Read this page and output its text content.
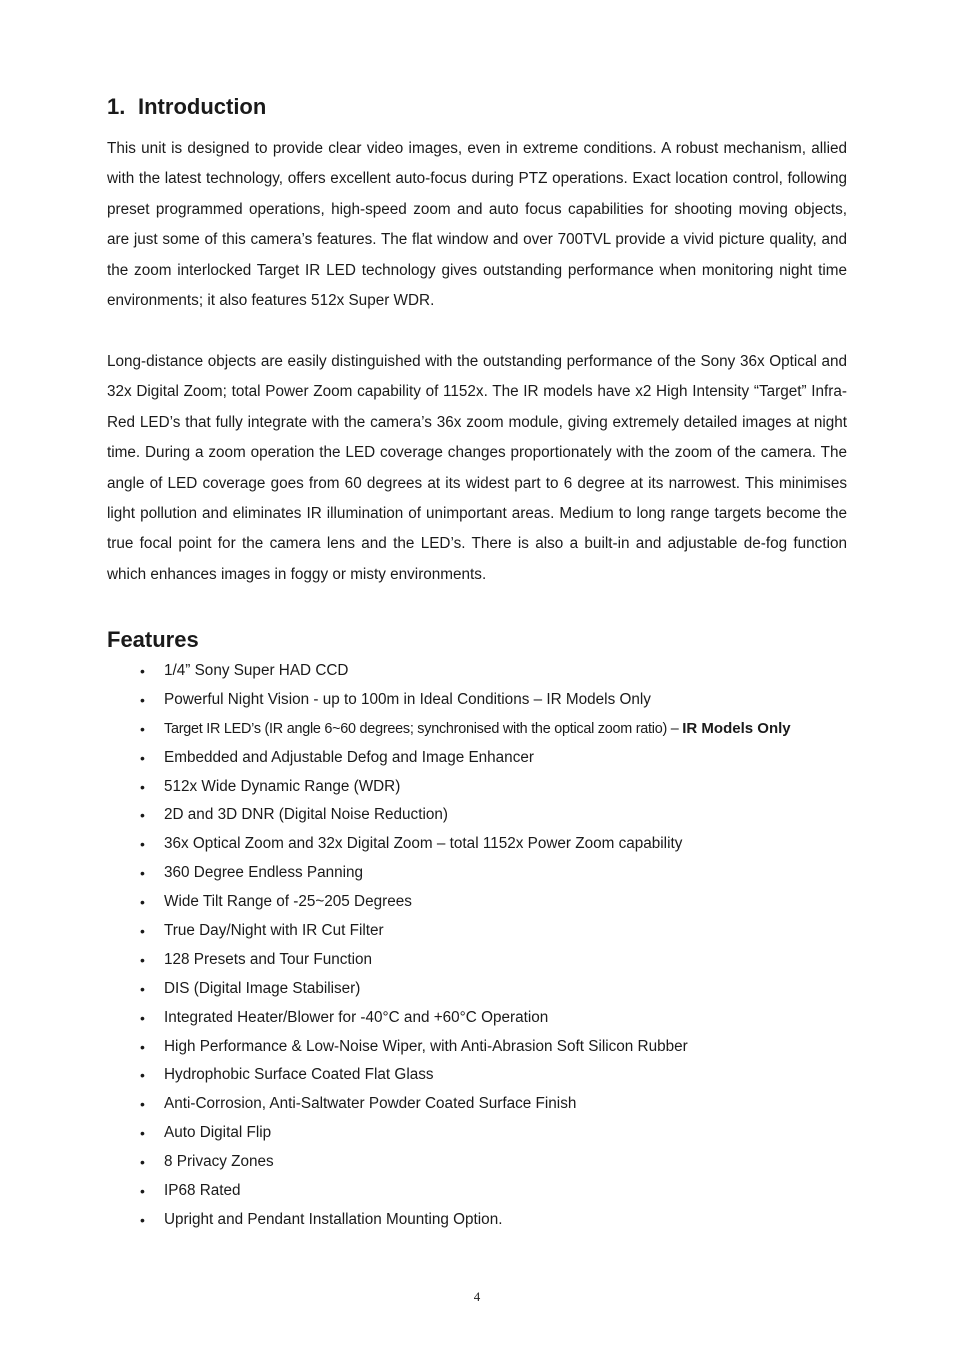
1. Introduction

This unit is designed to provide clear video images, even in extreme conditions. A robust mechanism, allied with the latest technology, offers excellent auto-focus during PTZ operations. Exact location control, following preset programmed operations, high-speed zoom and auto focus capabilities for shooting moving objects, are just some of this camera’s features. The flat window and over 700TVL provide a vivid picture quality, and the zoom interlocked Target IR LED technology gives outstanding performance when monitoring night time environments; it also features 512x Super WDR.

Long-distance objects are easily distinguished with the outstanding performance of the Sony 36x Optical and 32x Digital Zoom; total Power Zoom capability of 1152x. The IR models have x2 High Intensity “Target” Infra-Red LED’s that fully integrate with the camera’s 36x zoom module, giving extremely detailed images at night time. During a zoom operation the LED coverage changes proportionately with the zoom of the camera. The angle of LED coverage goes from 60 degrees at its widest part to 6 degree at its narrowest. This minimises light pollution and eliminates IR illumination of unimportant areas. Medium to long range targets become the true focal point for the camera lens and the LED’s. There is also a built-in and adjustable de-fog function which enhances images in foggy or misty environments.

Features
• 1/4” Sony Super HAD CCD
• Powerful Night Vision - up to 100m in Ideal Conditions – IR Models Only
• Target IR LED’s (IR angle 6~60 degrees; synchronised with the optical zoom ratio) – IR Models Only
• Embedded and Adjustable Defog and Image Enhancer
• 512x Wide Dynamic Range (WDR)
• 2D and 3D DNR (Digital Noise Reduction)
• 36x Optical Zoom and 32x Digital Zoom – total 1152x Power Zoom capability
• 360 Degree Endless Panning
• Wide Tilt Range of -25~205 Degrees
• True Day/Night with IR Cut Filter
• 128 Presets and Tour Function
• DIS (Digital Image Stabiliser)
• Integrated Heater/Blower for -40°C and +60°C Operation
• High Performance & Low-Noise Wiper, with Anti-Abrasion Soft Silicon Rubber
• Hydrophobic Surface Coated Flat Glass
• Anti-Corrosion, Anti-Saltwater Powder Coated Surface Finish
• Auto Digital Flip
• 8 Privacy Zones
• IP68 Rated
• Upright and Pendant Installation Mounting Option.
4
